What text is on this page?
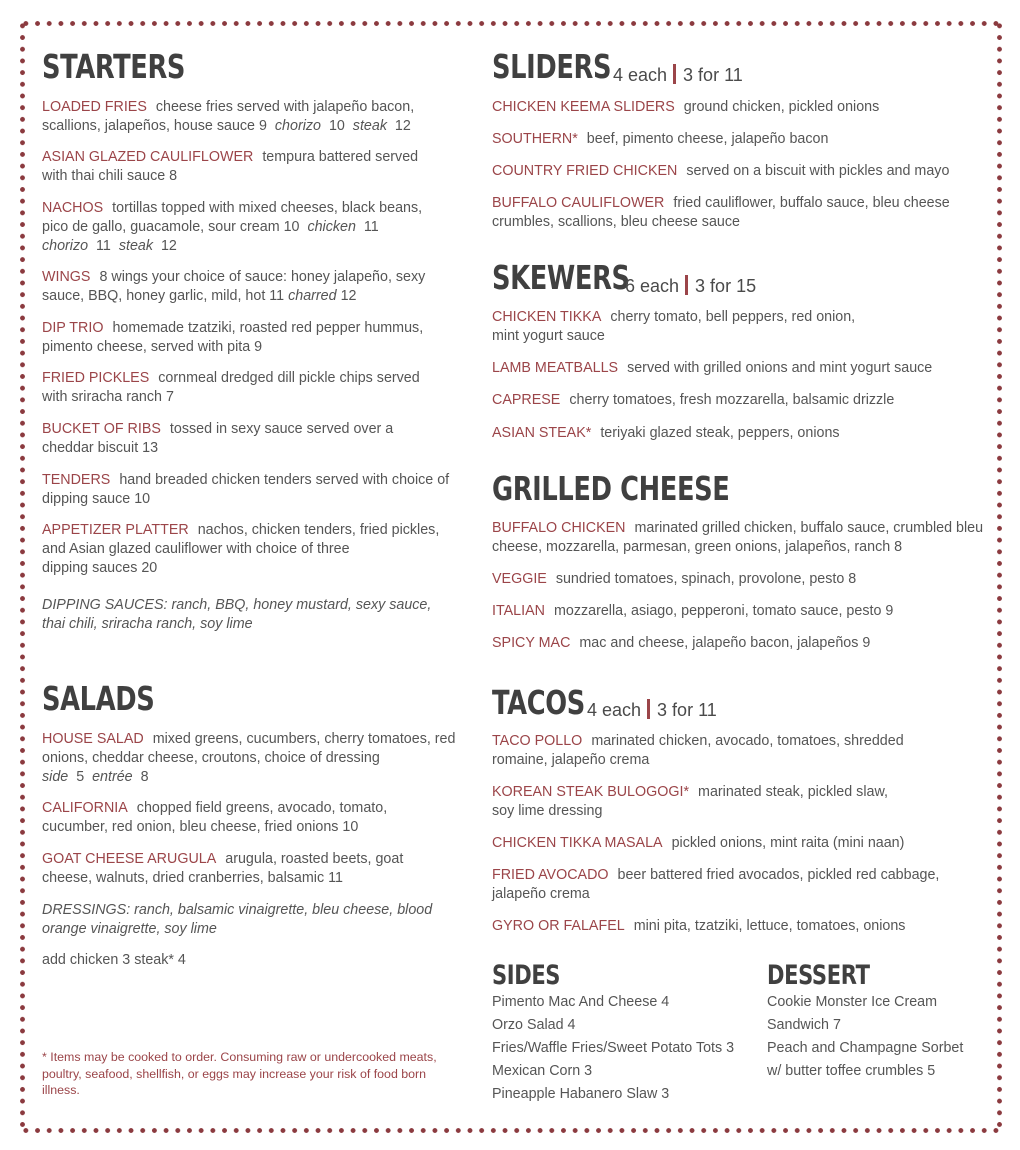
STARTERS
LOADED FRIES cheese fries served with jalapeño bacon, scallions, jalapeños, house sauce 9 chorizo 10 steak 12
ASIAN GLAZED CAULIFLOWER tempura battered served with thai chili sauce 8
NACHOS tortillas topped with mixed cheeses, black beans, pico de gallo, guacamole, sour cream 10 chicken 11
chorizo 11 steak 12
WINGS 8 wings your choice of sauce: honey jalapeño, sexy sauce, BBQ, honey garlic, mild, hot 11 charred 12
DIP TRIO homemade tzatziki, roasted red pepper hummus, pimento cheese, served with pita 9
FRIED PICKLES cornmeal dredged dill pickle chips served with sriracha ranch 7
BUCKET OF RIBS tossed in sexy sauce served over a cheddar biscuit 13
TENDERS hand breaded chicken tenders served with choice of dipping sauce 10
APPETIZER PLATTER nachos, chicken tenders, fried pickles, and Asian glazed cauliflower with choice of three
dipping sauces 20
DIPPING SAUCES: ranch, BBQ, honey mustard, sexy sauce, thai chili, sriracha ranch, soy lime
SALADS
HOUSE SALAD mixed greens, cucumbers, cherry tomatoes, red onions, cheddar cheese, croutons, choice of dressing
side 5 entrée 8
CALIFORNIA chopped field greens, avocado, tomato, cucumber, red onion, bleu cheese, fried onions 10
GOAT CHEESE ARUGULA arugula, roasted beets, goat cheese, walnuts, dried cranberries, balsamic 11
DRESSINGS: ranch, balsamic vinaigrette, bleu cheese, blood orange vinaigrette, soy lime
add chicken 3 steak* 4
* Items may be cooked to order. Consuming raw or undercooked meats, poultry, seafood, shellfish, or eggs may increase your risk of food born illness.
SLIDERS 4 each 3 for 11
CHICKEN KEEMA SLIDERS ground chicken, pickled onions
SOUTHERN* beef, pimento cheese, jalapeño bacon
COUNTRY FRIED CHICKEN served on a biscuit with pickles and mayo
BUFFALO CAULIFLOWER fried cauliflower, buffalo sauce, bleu cheese crumbles, scallions, bleu cheese sauce
SKEWERS
6 each 3 for 15
CHICKEN TIKKA cherry tomato, bell peppers, red onion,
mint yogurt sauce
LAMB MEATBALLS served with grilled onions and mint yogurt sauce
CAPRESE cherry tomatoes, fresh mozzarella, balsamic drizzle
ASIAN STEAK* teriyaki glazed steak, peppers, onions
GRILLED CHEESE
BUFFALO CHICKEN marinated grilled chicken, buffalo sauce, crumbled bleu cheese, mozzarella, parmesan, green onions, jalapeños, ranch 8
VEGGIE sundried tomatoes, spinach, provolone, pesto 8
ITALIAN mozzarella, asiago, pepperoni, tomato sauce, pesto 9
SPICY MAC mac and cheese, jalapeño bacon, jalapeños 9
TACOS 4 each 3 for 11
TACO POLLO marinated chicken, avocado, tomatoes, shredded romaine, jalapeño crema
KOREAN STEAK BULOGOGI* marinated steak, pickled slaw,
soy lime dressing
CHICKEN TIKKA MASALA pickled onions, mint raita (mini naan)
FRIED AVOCADO beer battered fried avocados, pickled red cabbage, jalapeño crema
GYRO OR FALAFEL mini pita, tzatziki, lettuce, tomatoes, onions
SIDES
Pimento Mac And Cheese 4
Orzo Salad 4
Fries/Waffle Fries/Sweet Potato Tots 3
Mexican Corn 3
Pineapple Habanero Slaw 3
DESSERT
Cookie Monster Ice Cream
Sandwich 7
Peach and Champagne Sorbet
w/ butter toffee crumbles 5
